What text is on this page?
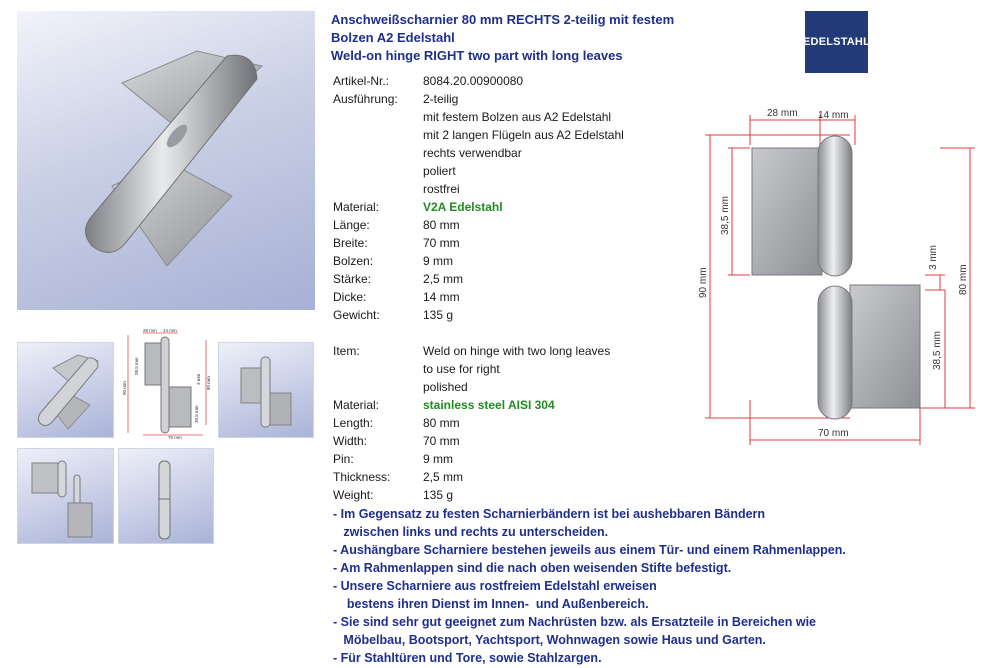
28 mm 14 mm
38,5 mm
90 mm
3 mm 80 mm
38,5 mm
70 mm
Anschweißscharnier 80 mm RECHTS 2-teilig mit festem
Bolzen A2 Edelstahl
Weld-on hinge RIGHT two part with long leaves
EDELSTAHL
Artikel-Nr.:	8084.20.00900080
Ausführung: 2-teilig
mit festem Bolzen aus A2 Edelstahl
mit 2 langen Flügeln aus A2 Edelstahl
rechts verwendbar
poliert
rostfrei
Material:	V2A Edelstahl
Länge:	80 mm
Breite:	70 mm
Bolzen:	9 mm
Stärke:	2,5 mm
Dicke:	14 mm
Gewicht:	135 g
Item:	Weld on hinge with two long leaves
to use for right
polished
Material:	stainless steel AISI 304
Length:	80 mm
Width:	70 mm
Pin:	9 mm
Thickness:	2,5 mm
Weight:	135 g
28 mm 14 mm
38,5 mm
90 mm
3 mm
80 mm
38,5 mm
70 mm
- Im Gegensatz zu festen Scharnierbändern ist bei aushebbaren Bändern
zwischen links und rechts zu unterscheiden.
- Aushängbare Scharniere bestehen jeweils aus einem Tür- und einem Rahmenlappen.
- Am Rahmenlappen sind die nach oben weisenden Stifte befestigt.
- Unsere Scharniere aus rostfreiem Edelstahl erweisen
bestens ihren Dienst im Innen-  und Außenbereich.
- Sie sind sehr gut geeignet zum Nachrüsten bzw. als Ersatzteile in Bereichen wie
Möbelbau, Bootsport, Yachtsport, Wohnwagen sowie Haus und Garten.
- Für Stahltüren und Tore, sowie Stahlzargen.
